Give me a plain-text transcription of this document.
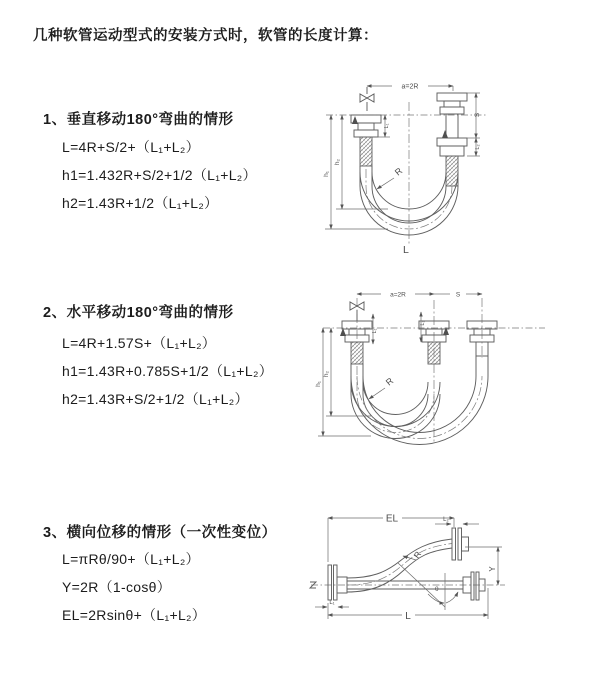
几种软管运动型式的安装方式时，软管的长度计算：
1、垂直移动180°弯曲的情形
L=4R+S/2+（L₁+L₂）
h1=1.432R+S/2+1/2（L₁+L₂）
h2=1.43R+1/2（L₁+L₂）
2、水平移动180°弯曲的情形
L=4R+1.57S+（L₁+L₂）
h1=1.43R+0.785S+1/2（L₁+L₂）
h2=1.43R+S/2+1/2（L₁+L₂）
3、横向位移的情形（一次性变位）
L=πRθ/90+（L₁+L₂）
Y=2R（1-cosθ）
EL=2Rsinθ+（L₁+L₂）
a=2R
h₁
h₂
L₁
S
L₂
R
L
a=2R	S
h₁
h₂
L₁
L₂
R
EL	L₂
θ
R
Y
L₁
L
